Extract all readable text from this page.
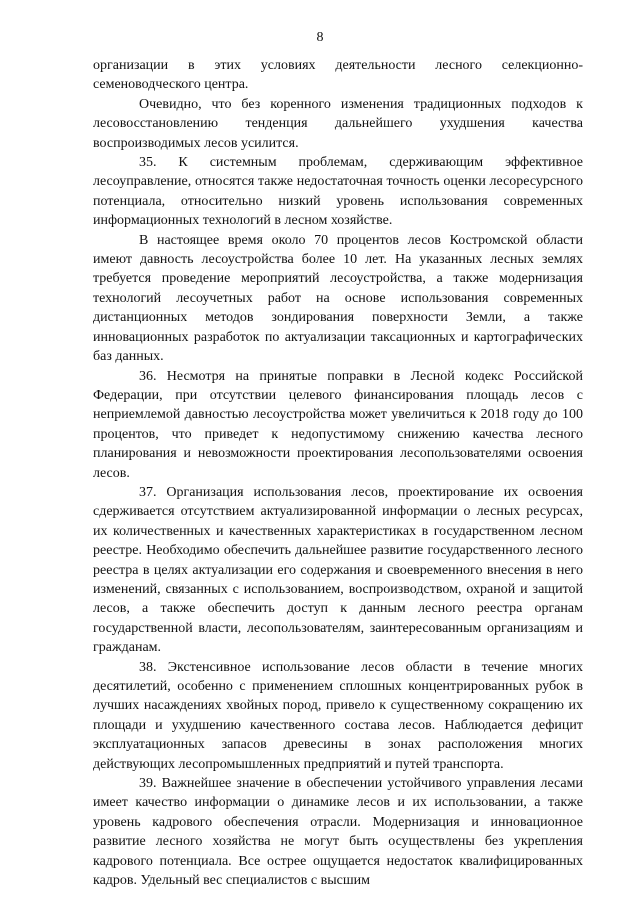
8

организации в этих условиях деятельности лесного селекционно-семеноводческого центра.

Очевидно, что без коренного изменения традиционных подходов к лесовосстановлению тенденция дальнейшего ухудшения качества воспроизводимых лесов усилится.

35. К системным проблемам, сдерживающим эффективное лесоуправление, относятся также недостаточная точность оценки лесоресурсного потенциала, относительно низкий уровень использования современных информационных технологий в лесном хозяйстве.

В настоящее время около 70 процентов лесов Костромской области имеют давность лесоустройства более 10 лет. На указанных лесных землях требуется проведение мероприятий лесоустройства, а также модернизация технологий лесоучетных работ на основе использования современных дистанционных методов зондирования поверхности Земли, а также инновационных разработок по актуализации таксационных и картографических баз данных.

36. Несмотря на принятые поправки в Лесной кодекс Российской Федерации, при отсутствии целевого финансирования площадь лесов с неприемлемой давностью лесоустройства может увеличиться к 2018 году до 100 процентов, что приведет к недопустимому снижению качества лесного планирования и невозможности проектирования лесопользователями освоения лесов.

37. Организация использования лесов, проектирование их освоения сдерживается отсутствием актуализированной информации о лесных ресурсах, их количественных и качественных характеристиках в государственном лесном реестре. Необходимо обеспечить дальнейшее развитие государственного лесного реестра в целях актуализации его содержания и своевременного внесения в него изменений, связанных с использованием, воспроизводством, охраной и защитой лесов, а также обеспечить доступ к данным лесного реестра органам государственной власти, лесопользователям, заинтересованным организациям и гражданам.

38. Экстенсивное использование лесов области в течение многих десятилетий, особенно с применением сплошных концентрированных рубок в лучших насаждениях хвойных пород, привело к существенному сокращению их площади и ухудшению качественного состава лесов. Наблюдается дефицит эксплуатационных запасов древесины в зонах расположения многих действующих лесопромышленных предприятий и путей транспорта.

39. Важнейшее значение в обеспечении устойчивого управления лесами имеет качество информации о динамике лесов и их использовании, а также уровень кадрового обеспечения отрасли. Модернизация и инновационное развитие лесного хозяйства не могут быть осуществлены без укрепления кадрового потенциала. Все острее ощущается недостаток квалифицированных кадров. Удельный вес специалистов с высшим
